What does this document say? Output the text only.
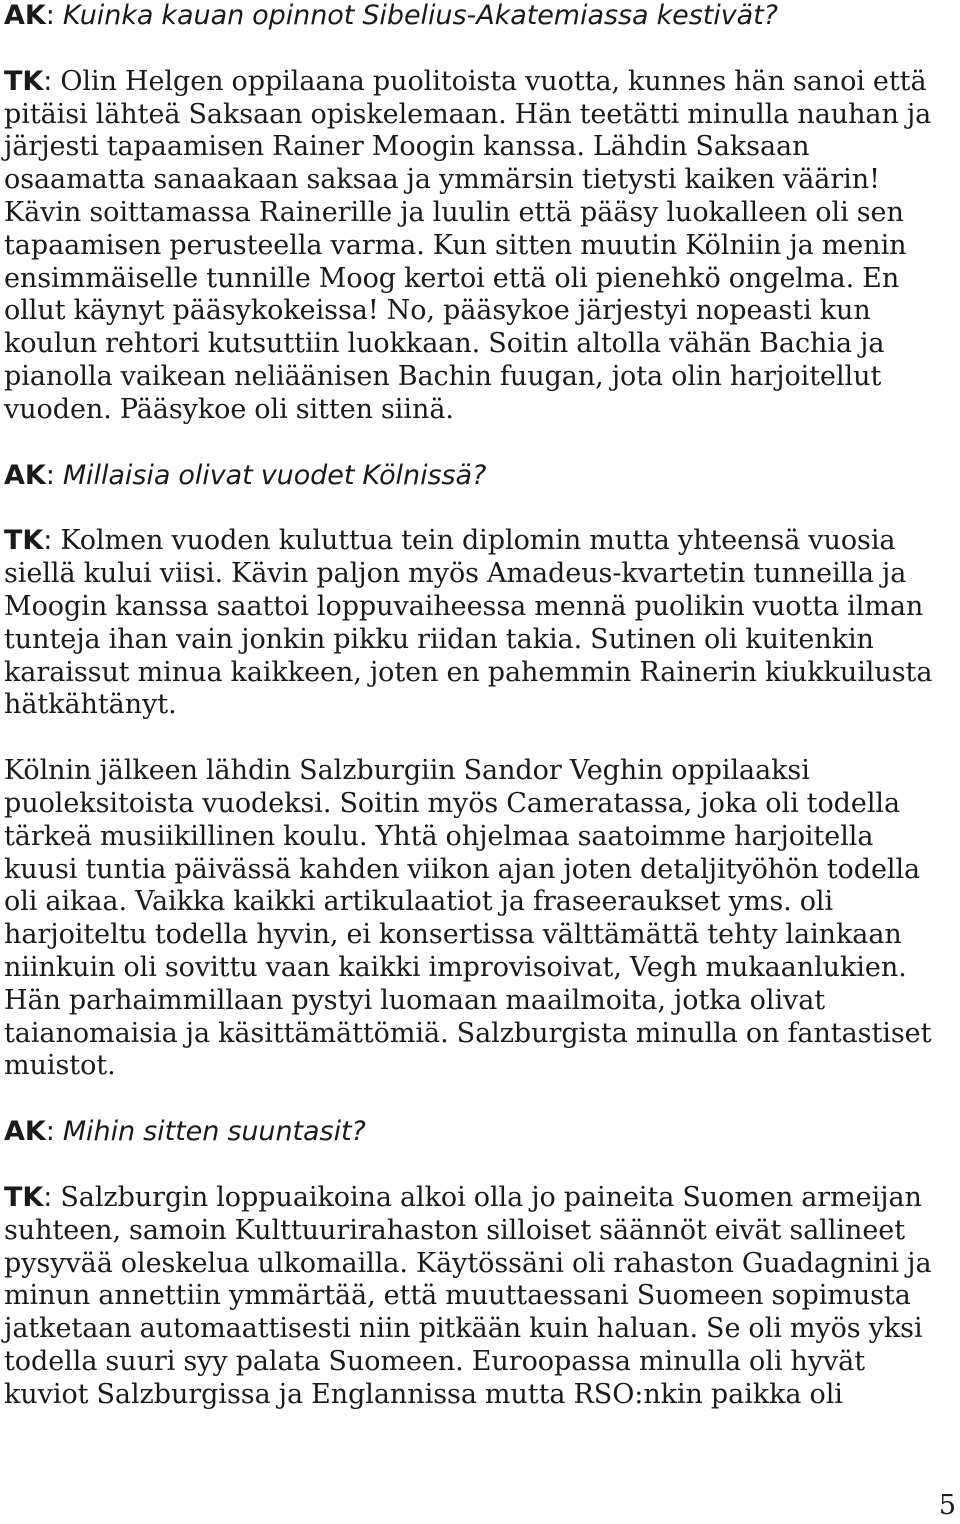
AK: Kuinka kauan opinnot Sibelius-Akatemiassa kestivät?

TK: Olin Helgen oppilaana puolitoista vuotta, kunnes hän sanoi että pitäisi lähteä Saksaan opiskelemaan. Hän teetätti minulla nauhan ja järjesti tapaamisen Rainer Moogin kanssa. Lähdin Saksaan osaamatta sanaakaan saksaa ja ymmärsin tietysti kaiken väärin! Kävin soittamassa Rainerille ja luulin että pääsy luokalleen oli sen tapaamisen perusteella varma. Kun sitten muutin Kölniin ja menin ensimmäiselle tunnille Moog kertoi että oli pienehkö ongelma. En ollut käynyt pääsykokeissa! No, pääsykoe järjestyi nopeasti kun koulun rehtori kutsuttiin luokkaan. Soitin altolla vähän Bachia ja pianolla vaikean neliäänisen Bachin fuugan, jota olin harjoitellut vuoden. Pääsykoe oli sitten siinä.

AK: Millaisia olivat vuodet Kölnissä?

TK: Kolmen vuoden kuluttua tein diplomin mutta yhteensä vuosia siellä kului viisi. Kävin paljon myös Amadeus-kvartetin tunneilla ja Moogin kanssa saattoi loppuvaiheessa mennä puolikin vuotta ilman tunteja ihan vain jonkin pikku riidan takia. Sutinen oli kuitenkin karaissut minua kaikkeen, joten en pahemmin Rainerin kiukkuilusta hätkähtänyt.

Kölnin jälkeen lähdin Salzburgiin Sandor Veghin oppilaaksi puoleksitoista vuodeksi. Soitin myös Cameratassa, joka oli todella tärkeä musiikillinen koulu. Yhtä ohjelmaa saatoimme harjoitella kuusi tuntia päivässä kahden viikon ajan joten detaljityöhön todella oli aikaa. Vaikka kaikki artikulaatiot ja fraseeraukset yms. oli harjoiteltu todella hyvin, ei konsertissa välttämättä tehty lainkaan niinkuin oli sovittu vaan kaikki improvisoivat, Vegh mukaanlukien. Hän parhaimmillaan pystyi luomaan maailmoita, jotka olivat taianomaisia ja käsittämättömiä. Salzburgista minulla on fantastiset muistot.

AK: Mihin sitten suuntasit?

TK: Salzburgin loppuaikoina alkoi olla jo paineita Suomen armeijan suhteen, samoin Kulttuurirahaston silloiset säännöt eivät sallineet pysyvää oleskelua ulkomailla. Käytössäni oli rahaston Guadagnini ja minun annettiin ymmärtää, että muuttaessani Suomeen sopimusta jatketaan automaattisesti niin pitkään kuin haluan. Se oli myös yksi todella suuri syy palata Suomeen. Euroopassa minulla oli hyvät kuviot Salzburgissa ja Englannissa mutta RSO:nkin paikka oli

5
